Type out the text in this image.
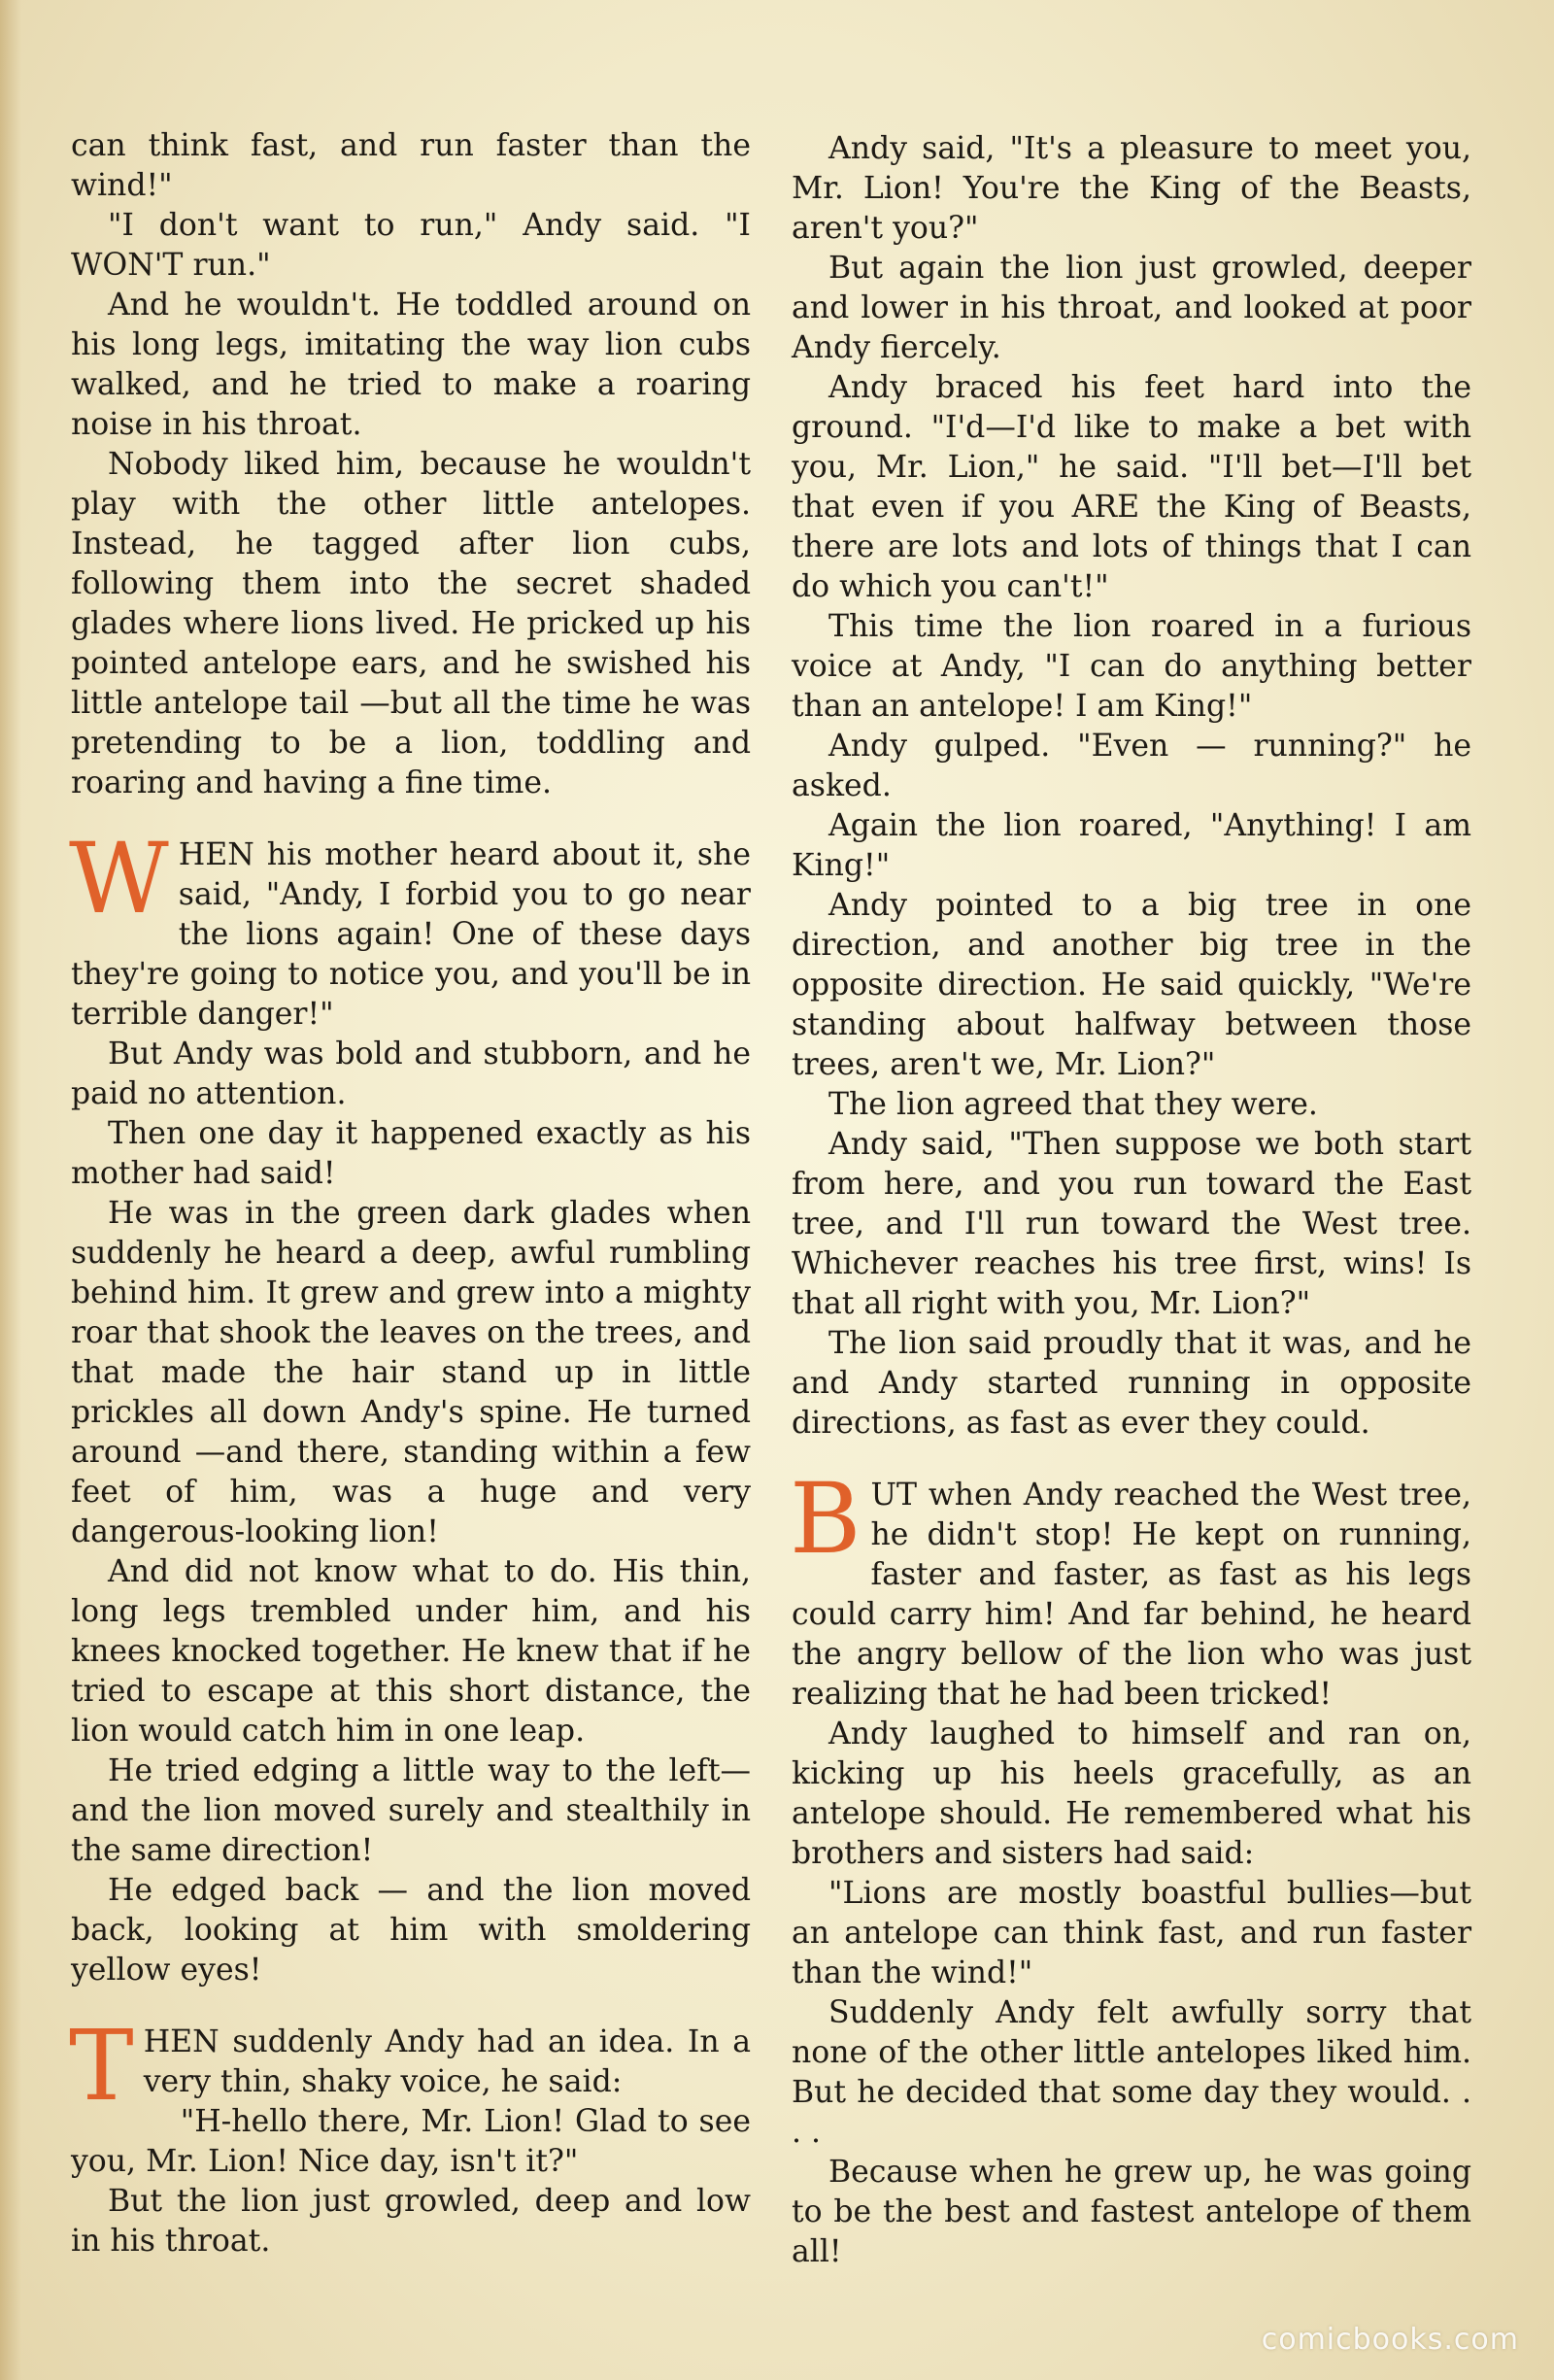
can think fast, and run faster than the wind!"

"I don't want to run," Andy said. "I WON'T run."

And he wouldn't. He toddled around on his long legs, imitating the way lion cubs walked, and he tried to make a roaring noise in his throat.

Nobody liked him, because he wouldn't play with the other little antelopes. Instead, he tagged after lion cubs, following them into the secret shaded glades where lions lived. He pricked up his pointed antelope ears, and he swished his little antelope tail —but all the time he was pretending to be a lion, toddling and roaring and having a fine time.

WHEN his mother heard about it, she said, "Andy, I forbid you to go near the lions again! One of these days they're going to notice you, and you'll be in terrible danger!"

But Andy was bold and stubborn, and he paid no attention.

Then one day it happened exactly as his mother had said!

He was in the green dark glades when suddenly he heard a deep, awful rumbling behind him. It grew and grew into a mighty roar that shook the leaves on the trees, and that made the hair stand up in little prickles all down Andy's spine. He turned around —and there, standing within a few feet of him, was a huge and very dangerous-looking lion!

And did not know what to do. His thin, long legs trembled under him, and his knees knocked together. He knew that if he tried to escape at this short distance, the lion would catch him in one leap.

He tried edging a little way to the left— and the lion moved surely and stealthily in the same direction!

He edged back — and the lion moved back, looking at him with smoldering yellow eyes!

THEN suddenly Andy had an idea. In a very thin, shaky voice, he said:

"H-hello there, Mr. Lion! Glad to see you, Mr. Lion! Nice day, isn't it?"

But the lion just growled, deep and low in his throat.

Andy said, "It's a pleasure to meet you, Mr. Lion! You're the King of the Beasts, aren't you?"

But again the lion just growled, deeper and lower in his throat, and looked at poor Andy fiercely.

Andy braced his feet hard into the ground. "I'd—I'd like to make a bet with you, Mr. Lion," he said. "I'll bet—I'll bet that even if you ARE the King of Beasts, there are lots and lots of things that I can do which you can't!"

This time the lion roared in a furious voice at Andy, "I can do anything better than an antelope! I am King!"

Andy gulped. "Even — running?" he asked.

Again the lion roared, "Anything! I am King!"

Andy pointed to a big tree in one direction, and another big tree in the opposite direction. He said quickly, "We're standing about halfway between those trees, aren't we, Mr. Lion?"

The lion agreed that they were.

Andy said, "Then suppose we both start from here, and you run toward the East tree, and I'll run toward the West tree. Whichever reaches his tree first, wins! Is that all right with you, Mr. Lion?"

The lion said proudly that it was, and he and Andy started running in opposite directions, as fast as ever they could.

BUT when Andy reached the West tree, he didn't stop! He kept on running, faster and faster, as fast as his legs could carry him! And far behind, he heard the angry bellow of the lion who was just realizing that he had been tricked!

Andy laughed to himself and ran on, kicking up his heels gracefully, as an antelope should. He remembered what his brothers and sisters had said:

"Lions are mostly boastful bullies—but an antelope can think fast, and run faster than the wind!"

Suddenly Andy felt awfully sorry that none of the other little antelopes liked him. But he decided that some day they would. . . .

Because when he grew up, he was going to be the best and fastest antelope of them all!

comicbooks.com
